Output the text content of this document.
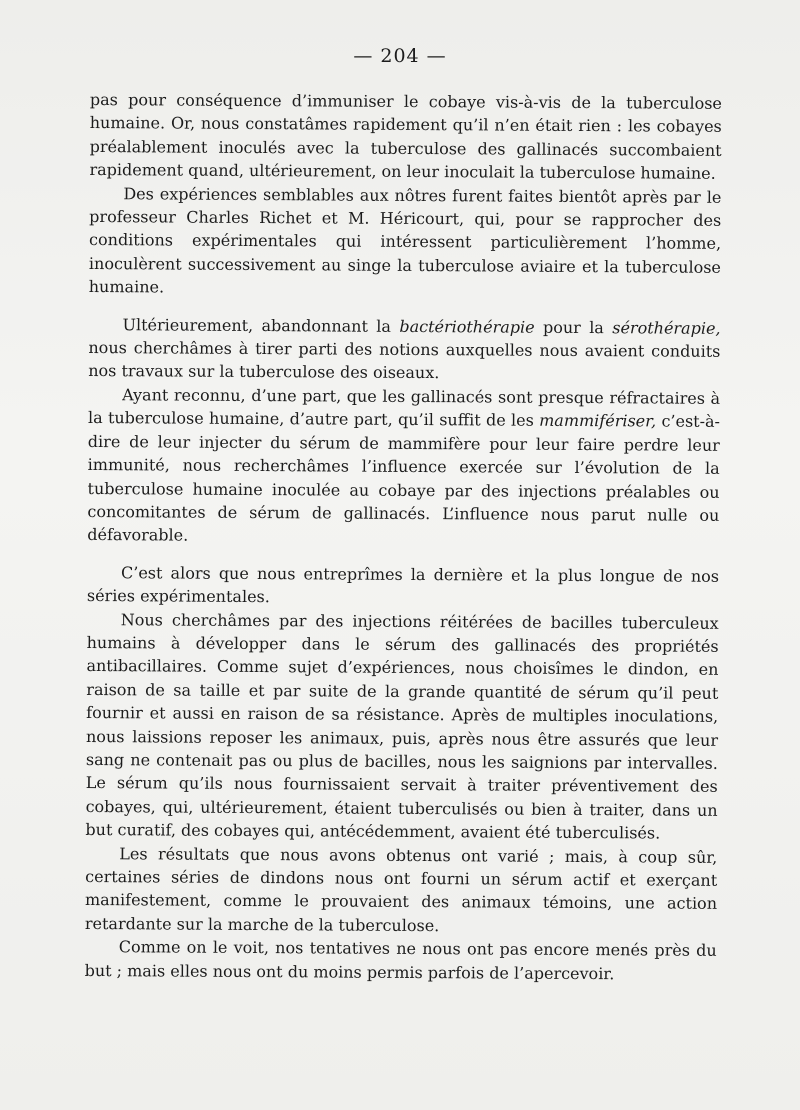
— 204 —

pas pour conséquence d’immuniser le cobaye vis-à-vis de la tuberculose humaine. Or, nous constatâmes rapidement qu’il n’en était rien : les cobayes préalablement inoculés avec la tuberculose des gallinacés succombaient rapidement quand, ultérieurement, on leur inoculait la tuberculose humaine.

Des expériences semblables aux nôtres furent faites bientôt après par le professeur Charles Richet et M. Héricourt, qui, pour se rapprocher des conditions expérimentales qui intéressent particulièrement l’homme, inoculèrent successivement au singe la tuberculose aviaire et la tuberculose humaine.

Ultérieurement, abandonnant la bactériothérapie pour la sérothérapie, nous cherchâmes à tirer parti des notions auxquelles nous avaient conduits nos travaux sur la tuberculose des oiseaux.

Ayant reconnu, d’une part, que les gallinacés sont presque réfractaires à la tuberculose humaine, d’autre part, qu’il suffit de les mammifériser, c’est-à-dire de leur injecter du sérum de mammifère pour leur faire perdre leur immunité, nous recherchâmes l’influence exercée sur l’évolution de la tuberculose humaine inoculée au cobaye par des injections préalables ou concomitantes de sérum de gallinacés. L’influence nous parut nulle ou défavorable.

C’est alors que nous entreprîmes la dernière et la plus longue de nos séries expérimentales.

Nous cherchâmes par des injections réitérées de bacilles tuberculeux humains à développer dans le sérum des gallinacés des propriétés antibacillaires. Comme sujet d’expériences, nous choisîmes le dindon, en raison de sa taille et par suite de la grande quantité de sérum qu’il peut fournir et aussi en raison de sa résistance. Après de multiples inoculations, nous laissions reposer les animaux, puis, après nous être assurés que leur sang ne contenait pas ou plus de bacilles, nous les saignions par intervalles. Le sérum qu’ils nous fournissaient servait à traiter préventivement des cobayes, qui, ultérieurement, étaient tuberculisés ou bien à traiter, dans un but curatif, des cobayes qui, antécédemment, avaient été tuberculisés.

Les résultats que nous avons obtenus ont varié ; mais, à coup sûr, certaines séries de dindons nous ont fourni un sérum actif et exerçant manifestement, comme le prouvaient des animaux témoins, une action retardante sur la marche de la tuberculose.

Comme on le voit, nos tentatives ne nous ont pas encore menés près du but ; mais elles nous ont du moins permis parfois de l’apercevoir.
